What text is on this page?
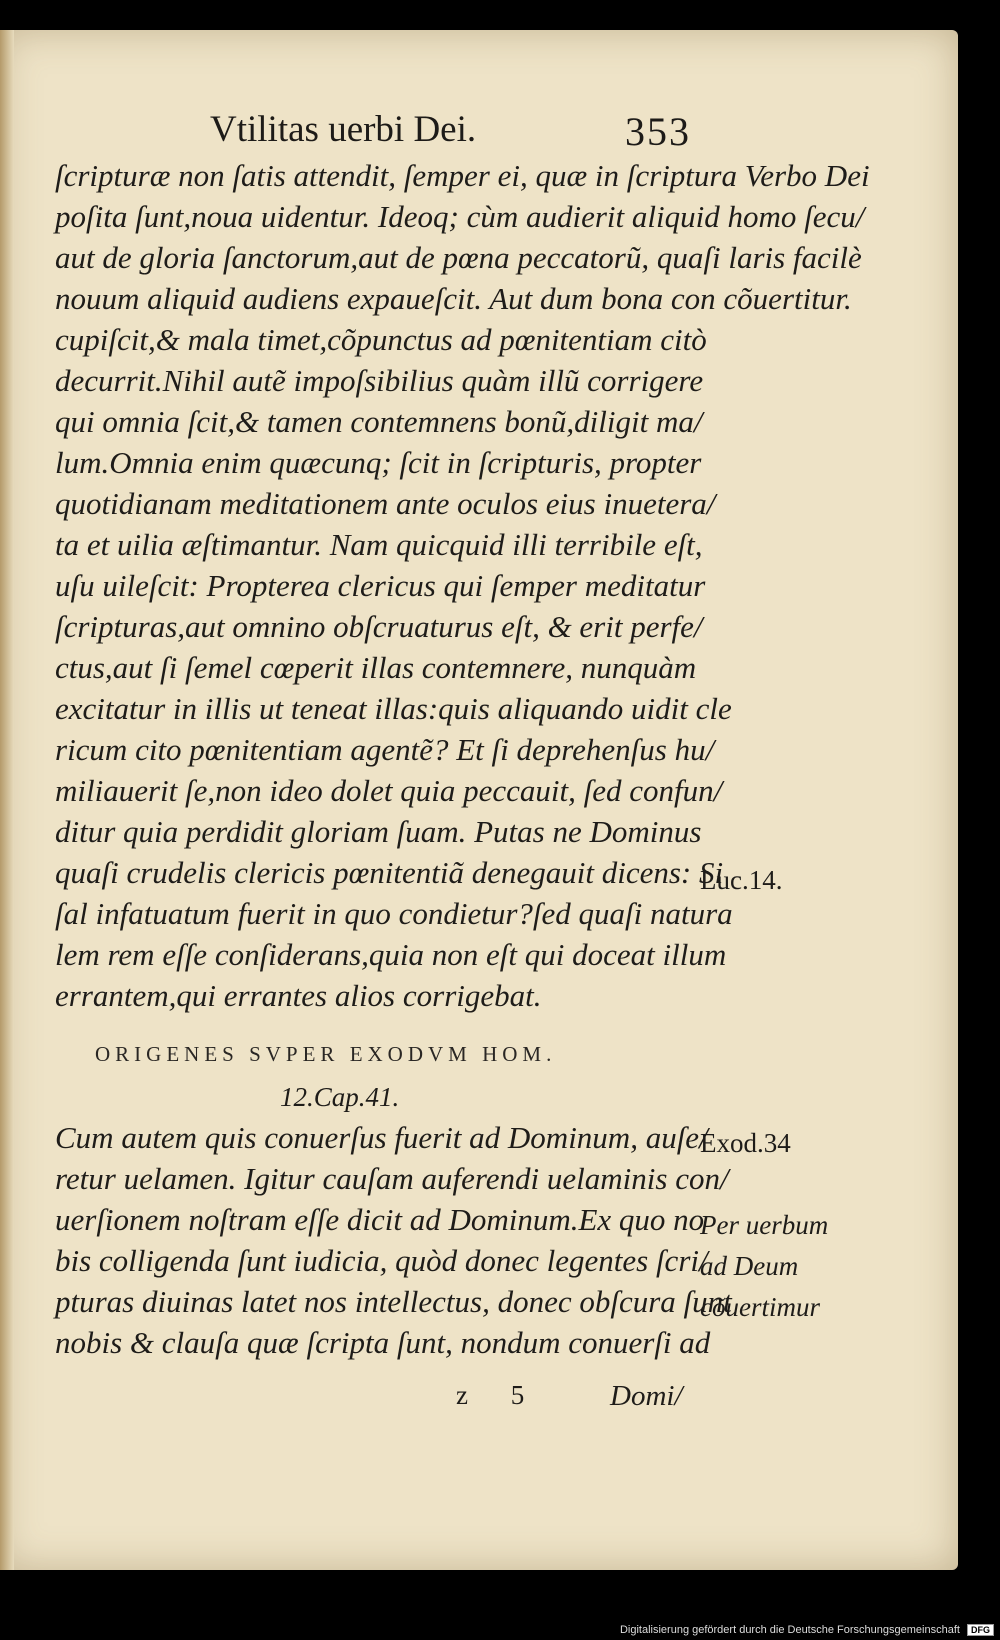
Vtilitas uerbi Dei.	353
ſcripturæ non ſatis attendit, ſemper ei, quæ in ſcriptura Verbo Dei
poſita ſunt,noua uidentur. Ideoq; cùm audierit aliquid homo ſecu/
aut de gloria ſanctorum,aut de pœna peccatorũ, quaſi laris facilè
nouum aliquid audiens expaueſcit. Aut dum bona con cõuertitur.
cupiſcit,& mala timet,cõpunctus ad pœnitentiam citò
decurrit.Nihil autẽ impoſsibilius quàm illũ corrigere
qui omnia ſcit,& tamen contemnens bonũ,diligit ma/
lum.Omnia enim quæcunq; ſcit in ſcripturis, propter
quotidianam meditationem ante oculos eius inuetera/
ta et uilia æſtimantur. Nam quicquid illi terribile eſt,
uſu uileſcit: Propterea clericus qui ſemper meditatur
ſcripturas,aut omnino obſcruaturus eſt, & erit perfe/
ctus,aut ſi ſemel cœperit illas contemnere, nunquàm
excitatur in illis ut teneat illas:quis aliquando uidit cle
ricum cito pœnitentiam agentẽ? Et ſi deprehenſus hu/
miliauerit ſe,non ideo dolet quia peccauit, ſed confun/
ditur quia perdidit gloriam ſuam. Putas ne Dominus
quaſi crudelis clericis pœnitentiã denegauit dicens: Si
ſal infatuatum fuerit in quo condietur?ſed quaſi natura
lem rem eſſe conſiderans,quia non eſt qui doceat illum
errantem,qui errantes alios corrigebat.
ORIGENES SVPER EXODVM HOM.
12.Cap.41.
Cum autem quis conuerſus fuerit ad Dominum, auſe/
retur uelamen. Igitur cauſam auferendi uelaminis con/
uerſionem noſtram eſſe dicit ad Dominum.Ex quo no
bis colligenda ſunt iudicia, quòd donec legentes ſcri/
pturas diuinas latet nos intellectus, donec obſcura ſunt
nobis & clauſa quæ ſcripta ſunt, nondum conuerſi ad
Luc.14.
Exod.34
Per uerbum
ad Deum
cõuertimur
z 5 Domi/
Digitalisierung gefördert durch die Deutsche Forschungsgemeinschaft DFG
